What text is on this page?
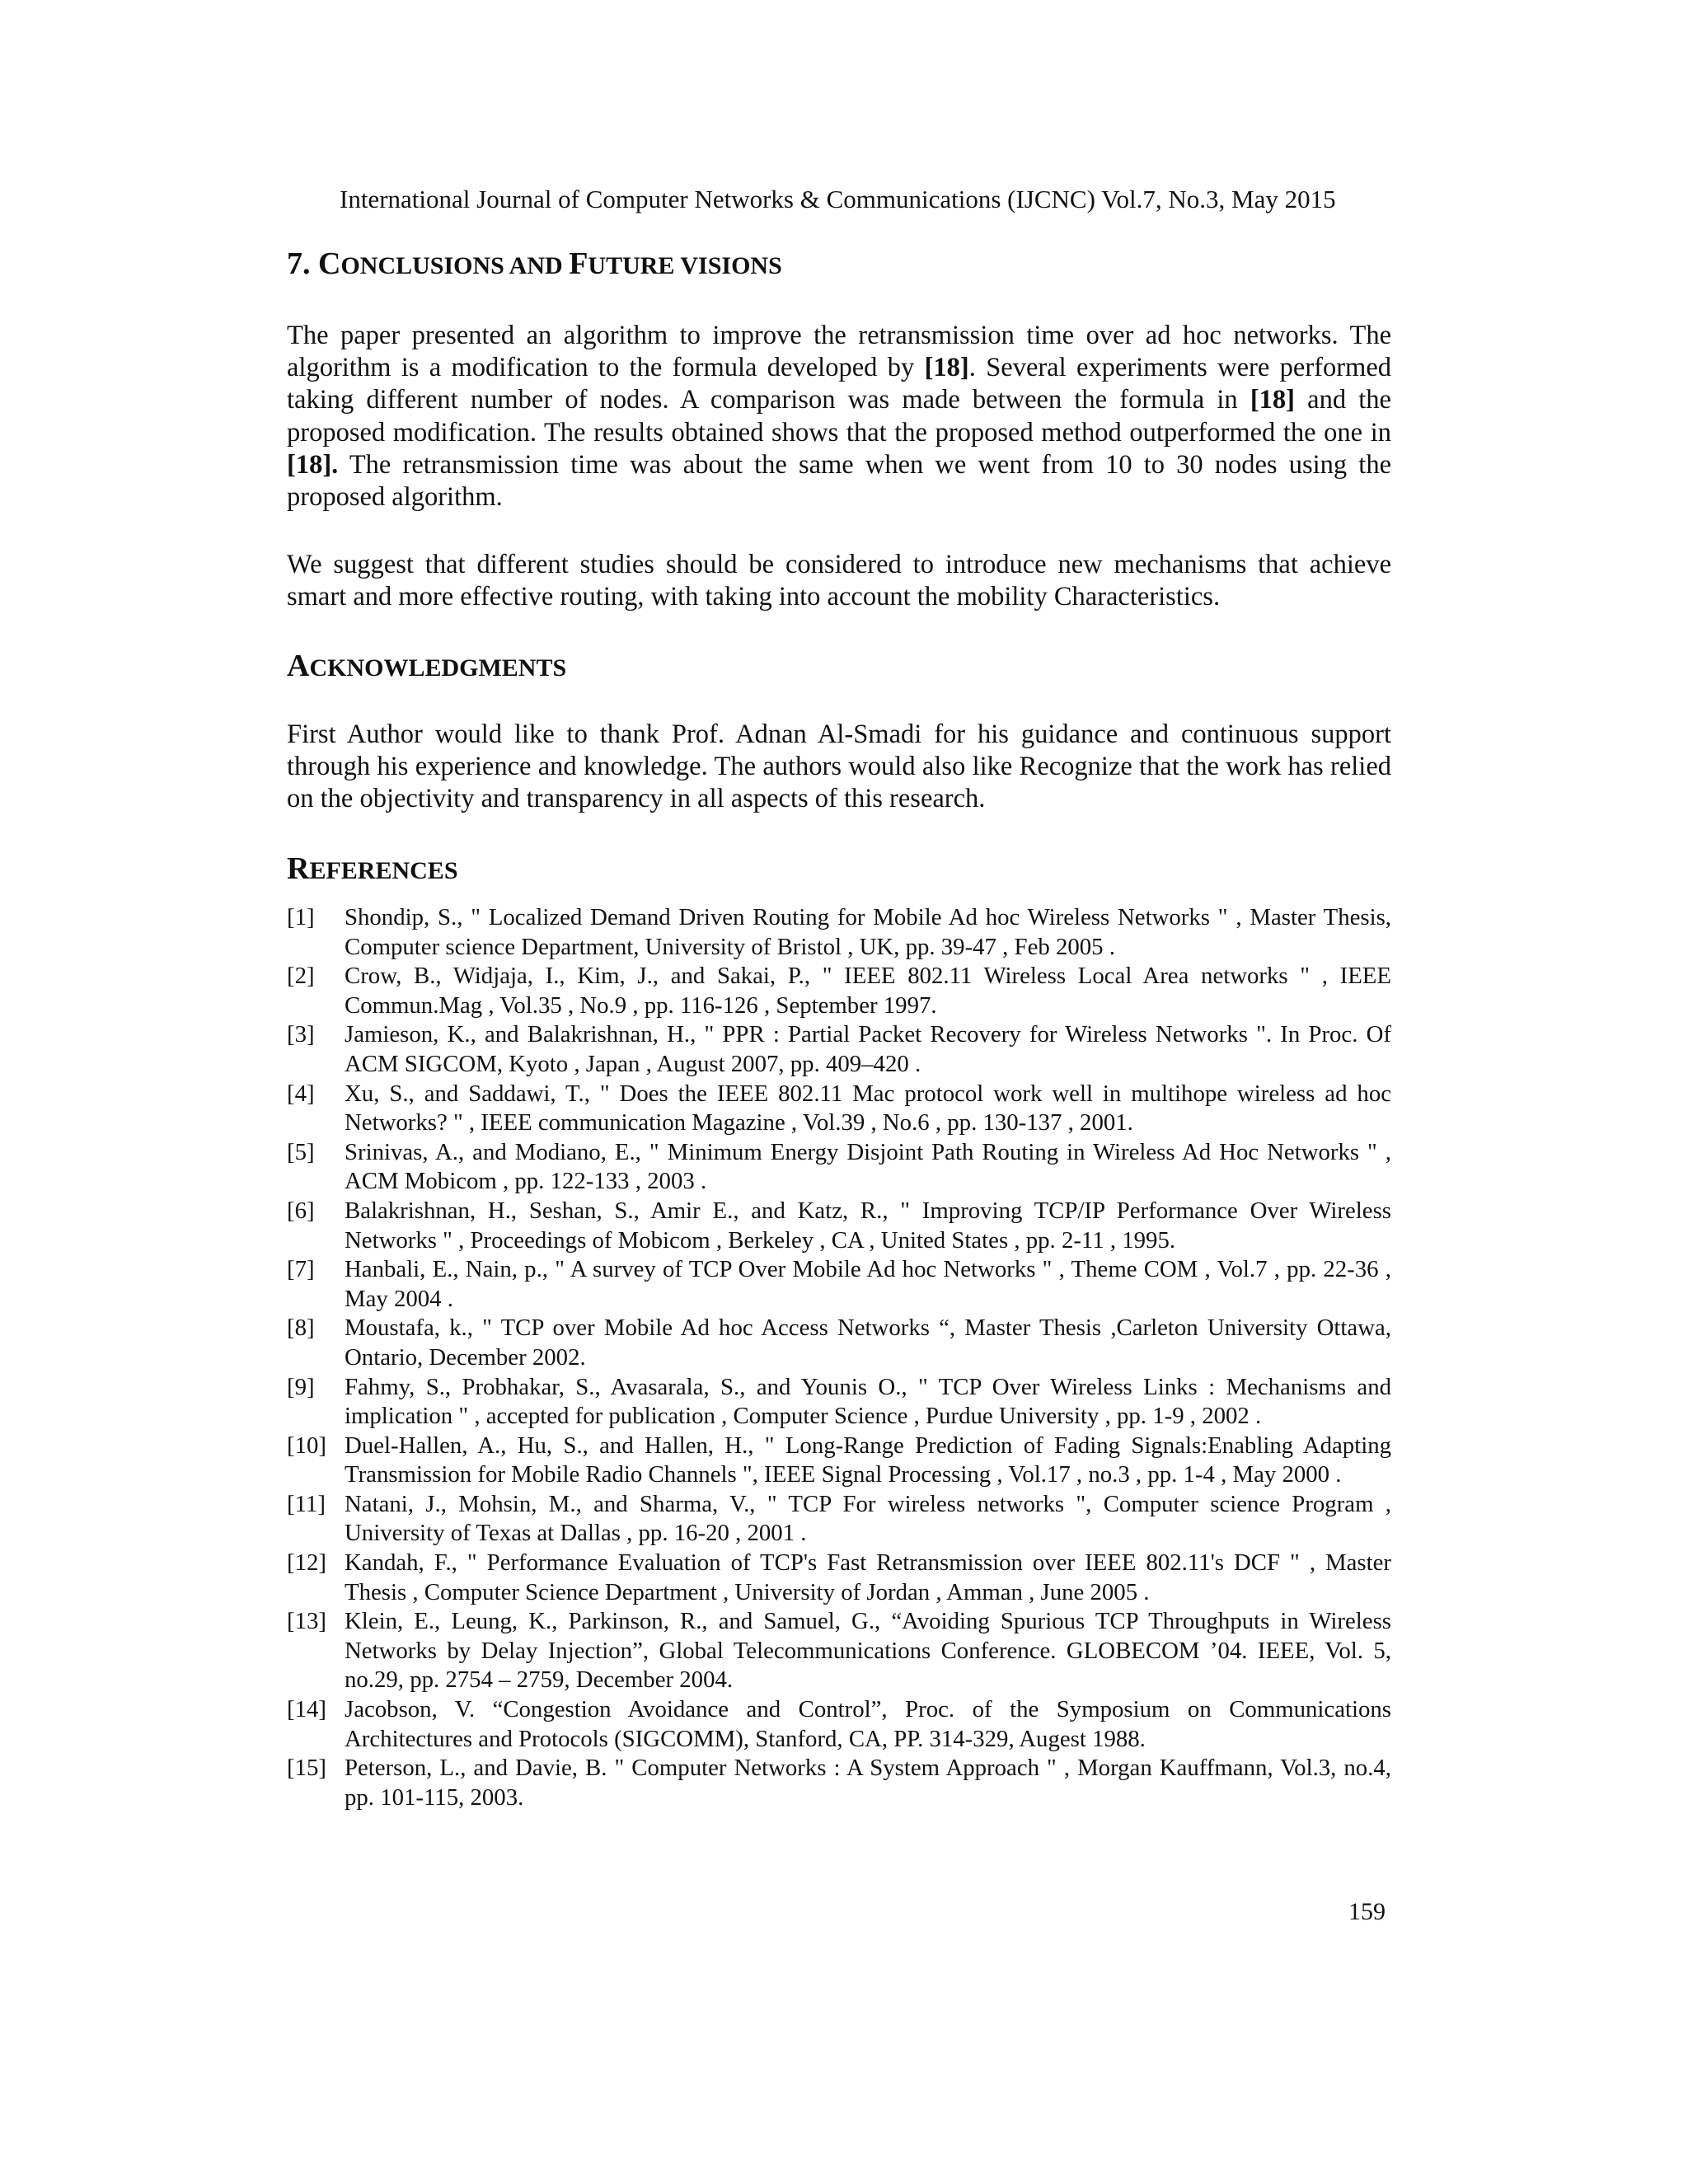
International Journal of Computer Networks & Communications (IJCNC) Vol.7, No.3, May 2015
7. CONCLUSIONS AND FUTURE VISIONS
The paper presented an algorithm to improve the retransmission time over ad hoc networks. The algorithm is a modification to the formula developed by [18]. Several experiments were performed taking different number of nodes. A comparison was made between the formula in [18] and the proposed modification. The results obtained shows that the proposed method outperformed the one in [18]. The retransmission time was about the same when we went from 10 to 30 nodes using the proposed algorithm.
We suggest that different studies should be considered to introduce new mechanisms that achieve smart and more effective routing, with taking into account the mobility Characteristics.
ACKNOWLEDGMENTS
First Author would like to thank Prof. Adnan Al-Smadi for his guidance and continuous support through his experience and knowledge. The authors would also like Recognize that the work has relied on the objectivity and transparency in all aspects of this research.
REFERENCES
[1] Shondip, S., " Localized Demand Driven Routing for Mobile Ad hoc Wireless Networks " , Master Thesis, Computer science Department, University of Bristol , UK, pp. 39-47 , Feb 2005 .
[2] Crow, B., Widjaja, I., Kim, J., and Sakai, P., " IEEE 802.11 Wireless Local Area networks " , IEEE Commun.Mag , Vol.35 , No.9 , pp. 116-126 , September 1997.
[3] Jamieson, K., and Balakrishnan, H., " PPR : Partial Packet Recovery for Wireless Networks ". In Proc. Of ACM SIGCOM, Kyoto , Japan , August 2007, pp. 409–420 .
[4] Xu, S., and Saddawi, T., " Does the IEEE 802.11 Mac protocol work well in multihope wireless ad hoc Networks? " , IEEE communication Magazine , Vol.39 , No.6 , pp. 130-137 , 2001.
[5] Srinivas, A., and Modiano, E., " Minimum Energy Disjoint Path Routing in Wireless Ad Hoc Networks " , ACM Mobicom , pp. 122-133 , 2003 .
[6] Balakrishnan, H., Seshan, S., Amir E., and Katz, R., " Improving TCP/IP Performance Over Wireless Networks " , Proceedings of Mobicom , Berkeley , CA , United States , pp. 2-11 , 1995.
[7] Hanbali, E., Nain, p., " A survey of TCP Over Mobile Ad hoc Networks " , Theme COM , Vol.7 , pp. 22-36 , May 2004 .
[8] Moustafa, k., " TCP over Mobile Ad hoc Access Networks “, Master Thesis ,Carleton University Ottawa, Ontario, December 2002.
[9] Fahmy, S., Probhakar, S., Avasarala, S., and Younis O., " TCP Over Wireless Links : Mechanisms and implication " , accepted for publication , Computer Science , Purdue University , pp. 1-9 , 2002 .
[10] Duel-Hallen, A., Hu, S., and Hallen, H., " Long-Range Prediction of Fading Signals:Enabling Adapting Transmission for Mobile Radio Channels ", IEEE Signal Processing , Vol.17 , no.3 , pp. 1-4 , May 2000 .
[11] Natani, J., Mohsin, M., and Sharma, V., " TCP For wireless networks ", Computer science Program , University of Texas at Dallas , pp. 16-20 , 2001 .
[12] Kandah, F., " Performance Evaluation of TCP's Fast Retransmission over IEEE 802.11's DCF " , Master Thesis , Computer Science Department , University of Jordan , Amman , June 2005 .
[13] Klein, E., Leung, K., Parkinson, R., and Samuel, G., “Avoiding Spurious TCP Throughputs in Wireless Networks by Delay Injection”, Global Telecommunications Conference. GLOBECOM ’04. IEEE, Vol. 5, no.29, pp. 2754 – 2759, December 2004.
[14] Jacobson, V. “Congestion Avoidance and Control”, Proc. of the Symposium on Communications Architectures and Protocols (SIGCOMM), Stanford, CA, PP. 314-329, Augest 1988.
[15] Peterson, L., and Davie, B. " Computer Networks : A System Approach " , Morgan Kauffmann, Vol.3, no.4, pp. 101-115, 2003.
159
